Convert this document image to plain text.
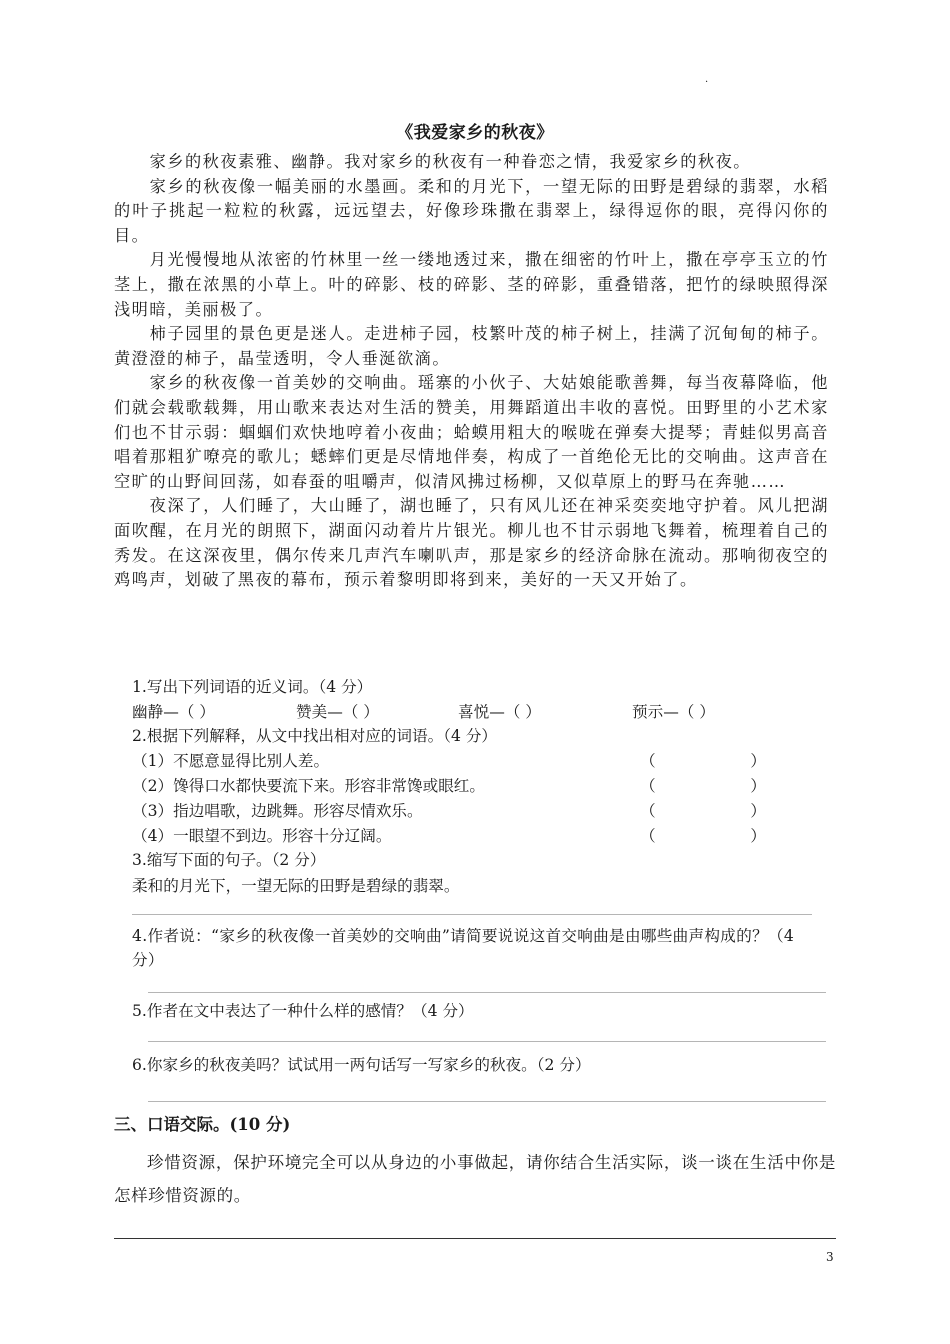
.
《我爱家乡的秋夜》

家乡的秋夜素雅、幽静。我对家乡的秋夜有一种眷恋之情，我爱家乡的秋夜。

家乡的秋夜像一幅美丽的水墨画。柔和的月光下，一望无际的田野是碧绿的翡翠，水稻的叶子挑起一粒粒的秋露，远远望去，好像珍珠撒在翡翠上，绿得逗你的眼，亮得闪你的目。

月光慢慢地从浓密的竹林里一丝一缕地透过来，撒在细密的竹叶上，撒在亭亭玉立的竹茎上，撒在浓黑的小草上。叶的碎影、枝的碎影、茎的碎影，重叠错落，把竹的绿映照得深浅明暗，美丽极了。

柿子园里的景色更是迷人。走进柿子园，枝繁叶茂的柿子树上，挂满了沉甸甸的柿子。黄澄澄的柿子，晶莹透明，令人垂涎欲滴。

家乡的秋夜像一首美妙的交响曲。瑶寨的小伙子、大姑娘能歌善舞，每当夜幕降临，他们就会载歌载舞，用山歌来表达对生活的赞美，用舞蹈道出丰收的喜悦。田野里的小艺术家们也不甘示弱：蝈蝈们欢快地哼着小夜曲；蛤蟆用粗大的喉咙在弹奏大提琴；青蛙似男高音唱着那粗犷嘹亮的歌儿；蟋蟀们更是尽情地伴奏，构成了一首绝伦无比的交响曲。这声音在空旷的山野间回荡，如春蚕的咀嚼声，似清风拂过杨柳，又似草原上的野马在奔驰……

夜深了，人们睡了，大山睡了，湖也睡了，只有风儿还在神采奕奕地守护着。风儿把湖面吹醒，在月光的朗照下，湖面闪动着片片银光。柳儿也不甘示弱地飞舞着，梳理着自己的秀发。在这深夜里，偶尔传来几声汽车喇叭声，那是家乡的经济命脉在流动。那响彻夜空的鸡鸣声，划破了黑夜的幕布，预示着黎明即将到来，美好的一天又开始了。

1.写出下列词语的近义词。（4 分）
幽静—（ ）	赞美—（ ）	喜悦—（ ）	预示—（ ）
2.根据下列解释，从文中找出相对应的词语。（4 分）
（1）不愿意显得比别人差。	（	）
（2）馋得口水都快要流下来。形容非常馋或眼红。	（	）
（3）指边唱歌，边跳舞。形容尽情欢乐。	（	）
（4）一眼望不到边。形容十分辽阔。	（	）
3.缩写下面的句子。（2 分）
柔和的月光下，一望无际的田野是碧绿的翡翠。
4.作者说：“家乡的秋夜像一首美妙的交响曲”请简要说说这首交响曲是由哪些曲声构成的？（4 分）
5.作者在文中表达了一种什么样的感情？（4 分）
6.你家乡的秋夜美吗？试试用一两句话写一写家乡的秋夜。（2 分）
三、口语交际。(10 分)

珍惜资源，保护环境完全可以从身边的小事做起，请你结合生活实际，谈一谈在生活中你是怎样珍惜资源的。

3
